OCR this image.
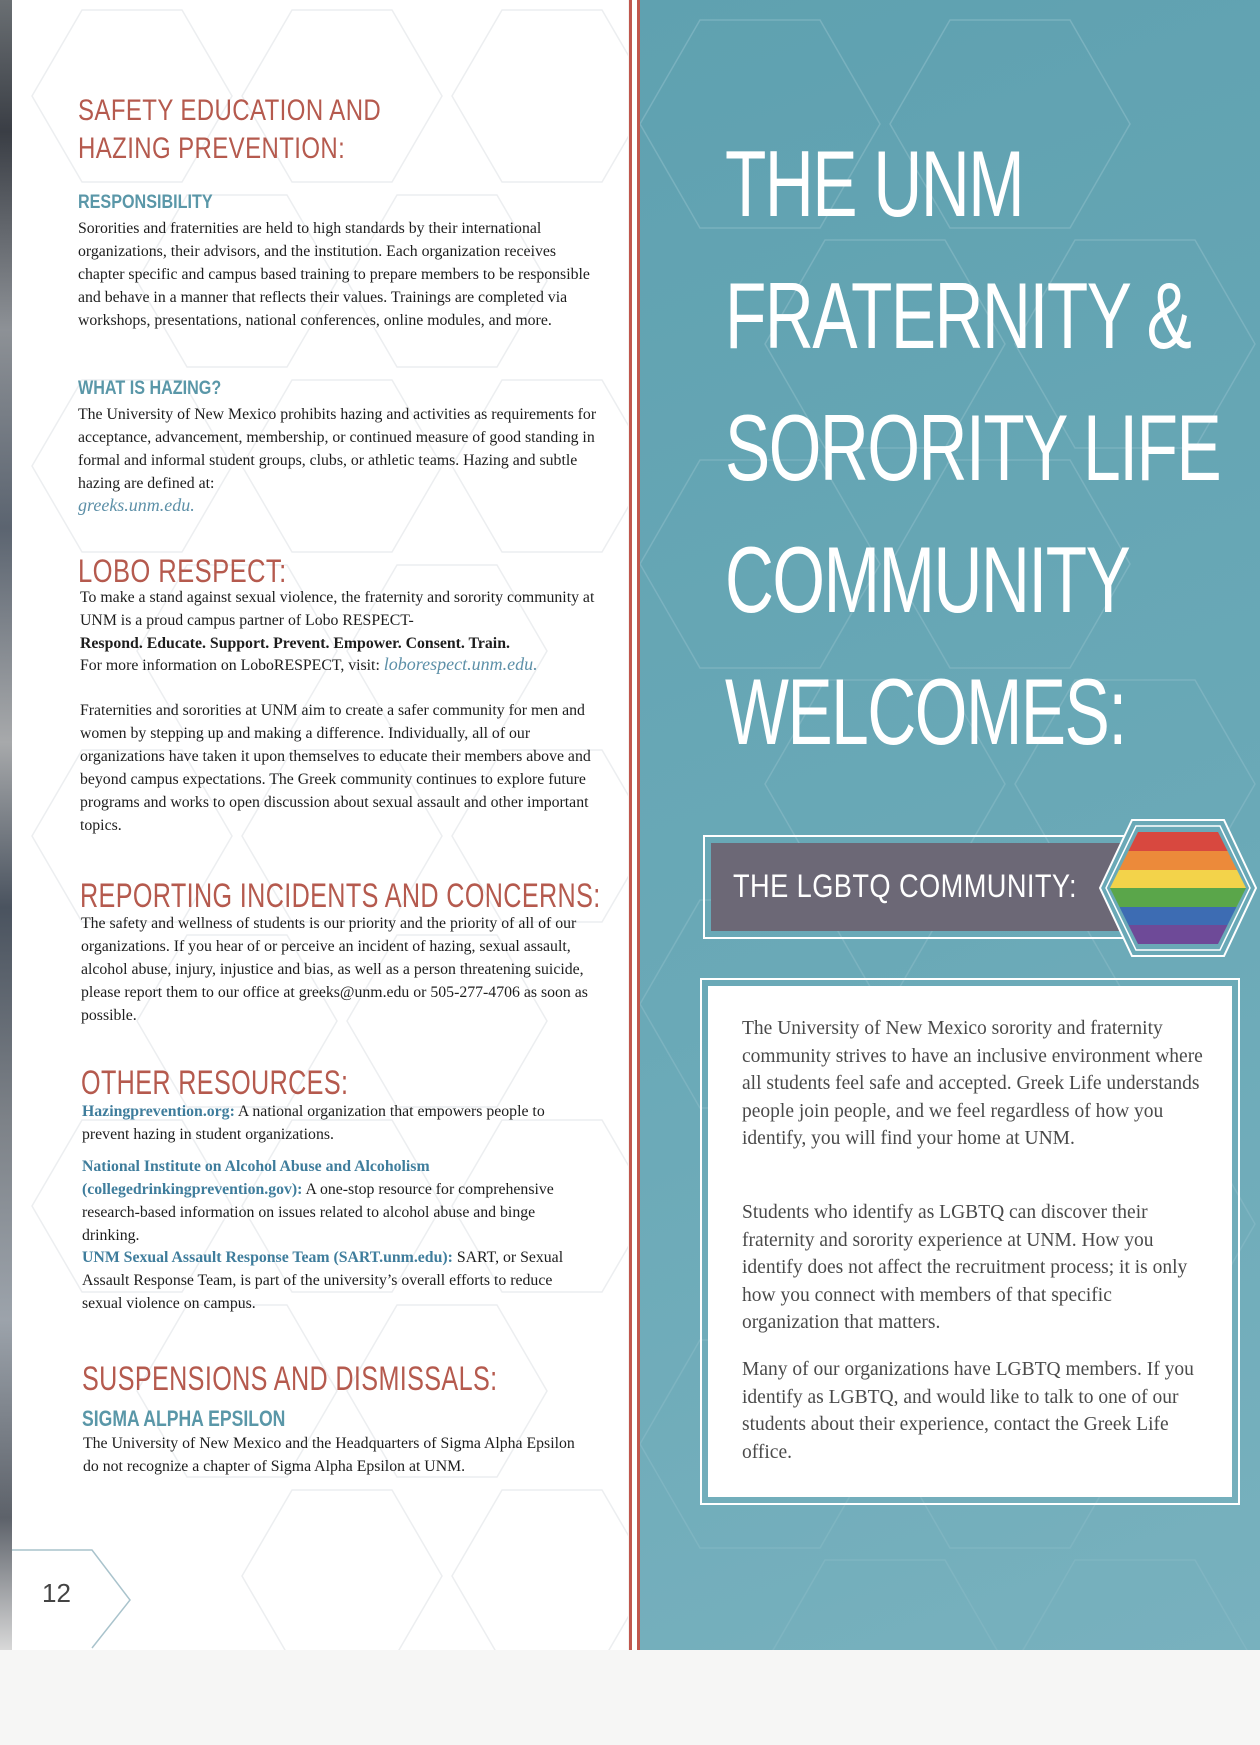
12

SAFETY EDUCATION AND
HAZING PREVENTION:
RESPONSIBILITY

Sororities and fraternities are held to high standards by their international organizations, their advisors, and the institution. Each organization receives chapter specific and campus based training to prepare members to be responsible and behave in a manner that reflects their values. Trainings are completed via workshops, presentations, national conferences, online modules, and more.

WHAT IS HAZING?

The University of New Mexico prohibits hazing and activities as requirements for acceptance, advancement, membership, or continued measure of good standing in formal and informal student groups, clubs, or athletic teams. Hazing and subtle hazing are defined at:

greeks.unm.edu.

LOBO RESPECT:

To make a stand against sexual violence, the fraternity and sorority community at UNM is a proud campus partner of Lobo RESPECT-

Respond. Educate. Support. Prevent. Empower. Consent. Train.

For more information on LoboRESPECT, visit: loborespect.unm.edu.

Fraternities and sororities at UNM aim to create a safer community for men and women by stepping up and making a difference. Individually, all of our organizations have taken it upon themselves to educate their members above and beyond campus expectations. The Greek community continues to explore future programs and works to open discussion about sexual assault and other important topics.

REPORTING INCIDENTS AND CONCERNS:

The safety and wellness of students is our priority and the priority of all of our organizations. If you hear of or perceive an incident of hazing, sexual assault, alcohol abuse, injury, injustice and bias, as well as a person threatening suicide, please report them to our office at greeks@unm.edu or 505-277-4706 as soon as possible.

OTHER RESOURCES:

Hazingprevention.org: A national organization that empowers people to prevent hazing in student organizations.

National Institute on Alcohol Abuse and Alcoholism (collegedrinkingprevention.gov): A one-stop resource for comprehensive research-based information on issues related to alcohol abuse and binge drinking.

UNM Sexual Assault Response Team (SART.unm.edu): SART, or Sexual Assault Response Team, is part of the university’s overall efforts to reduce sexual violence on campus.

SUSPENSIONS AND DISMISSALS:
SIGMA ALPHA EPSILON

The University of New Mexico and the Headquarters of Sigma Alpha Epsilon do not recognize a chapter of Sigma Alpha Epsilon at UNM.

THE UNM
FRATERNITY &
SORORITY LIFE
COMMUNITY
WELCOMES:

THE LGBTQ COMMUNITY:

The University of New Mexico sorority and fraternity community strives to have an inclusive environment where all students feel safe and accepted. Greek Life understands people join people, and we feel regardless of how you identify, you will find your home at UNM.

Students who identify as LGBTQ can discover their fraternity and sorority experience at UNM. How you identify does not affect the recruitment process; it is only how you connect with members of that specific organization that matters.

Many of our organizations have LGBTQ members. If you identify as LGBTQ, and would like to talk to one of our students about their experience, contact the Greek Life office.
